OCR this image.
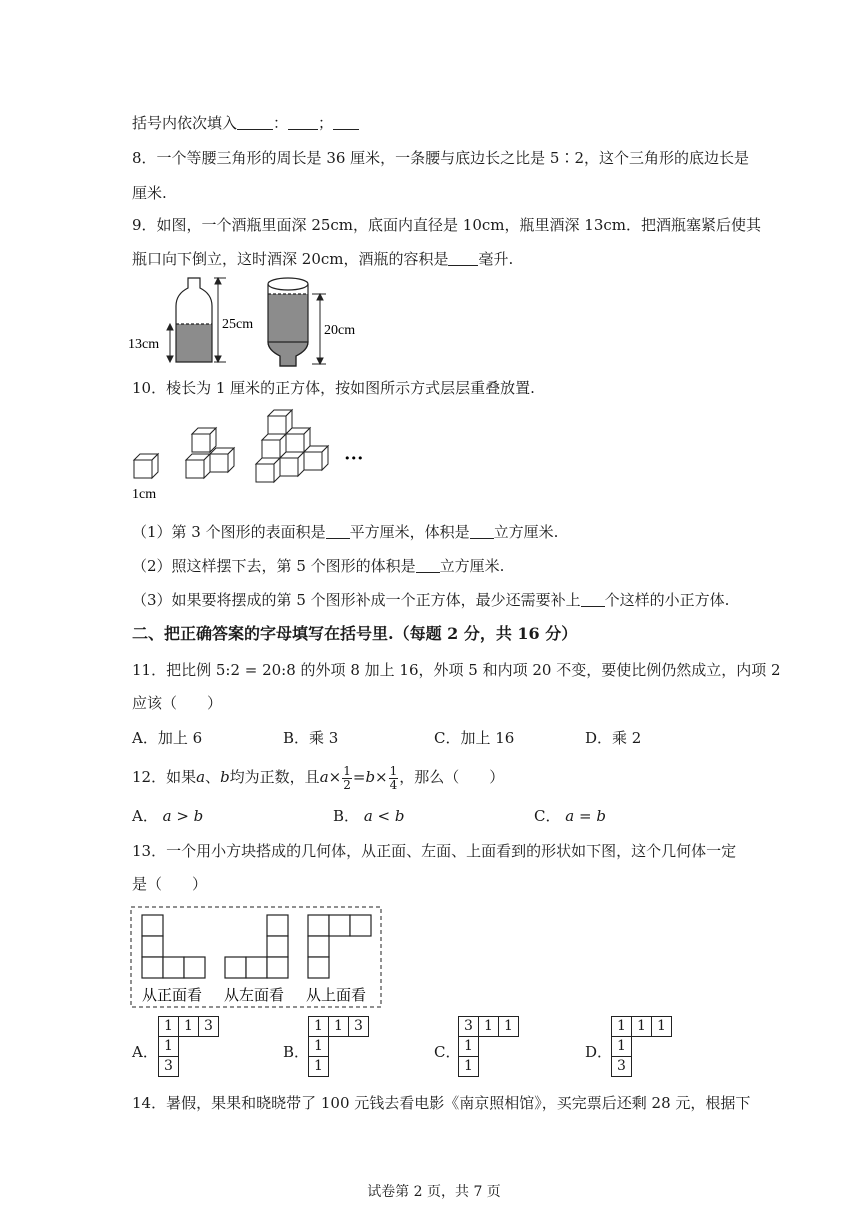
括号内依次填入 ： ；
8．一个等腰三角形的周长是 36 厘米，一条腰与底边长之比是 5∶2，这个三角形的底边长是
厘米.
9．如图，一个酒瓶里面深 25cm，底面内直径是 10cm，瓶里酒深 13cm．把酒瓶塞紧后使其
瓶口向下倒立，这时酒深 20cm，酒瓶的容积是 毫升.
25cm
13cm
20cm
10．棱长为 1 厘米的正方体，按如图所示方式层层重叠放置.
•••
1cm
（1）第 3 个图形的表面积是 平方厘米，体积是 立方厘米.
（2）照这样摆下去，第 5 个图形的体积是 立方厘米.
（3）如果要将摆成的第 5 个图形补成一个正方体，最少还需要补上 个这样的小正方体.
二、把正确答案的字母填写在括号里.（每题 2 分，共 16 分）
11．把比例 5:2 = 20:8 的外项 8 加上 16，外项 5 和内项 20 不变，要使比例仍然成立，内项 2
应该（　　）
A．加上 6	B．乘 3	C．加上 16	D．乘 2
12．如果a、b均为正数，且$a\times \frac{1}{2} =b\times \frac{1}{4}$ ，那么（　　）
A． a > b	B． a < b	C． a = b
13．一个用小方块搭成的几何体，从正面、左面、上面看到的形状如下图，这个几何体一定
是（　　）
从正面看 从左面看 从上面看
A．
1	1	3
1		
3		
B．
1	1	3
1		
1		
C．
3	1	1
1		
1		
D．
1	1	1
1		
3		
14．暑假，果果和晓晓带了 100 元钱去看电影《南京照相馆》，买完票后还剩 28 元，根据下
试卷第 2 页，共 7 页
